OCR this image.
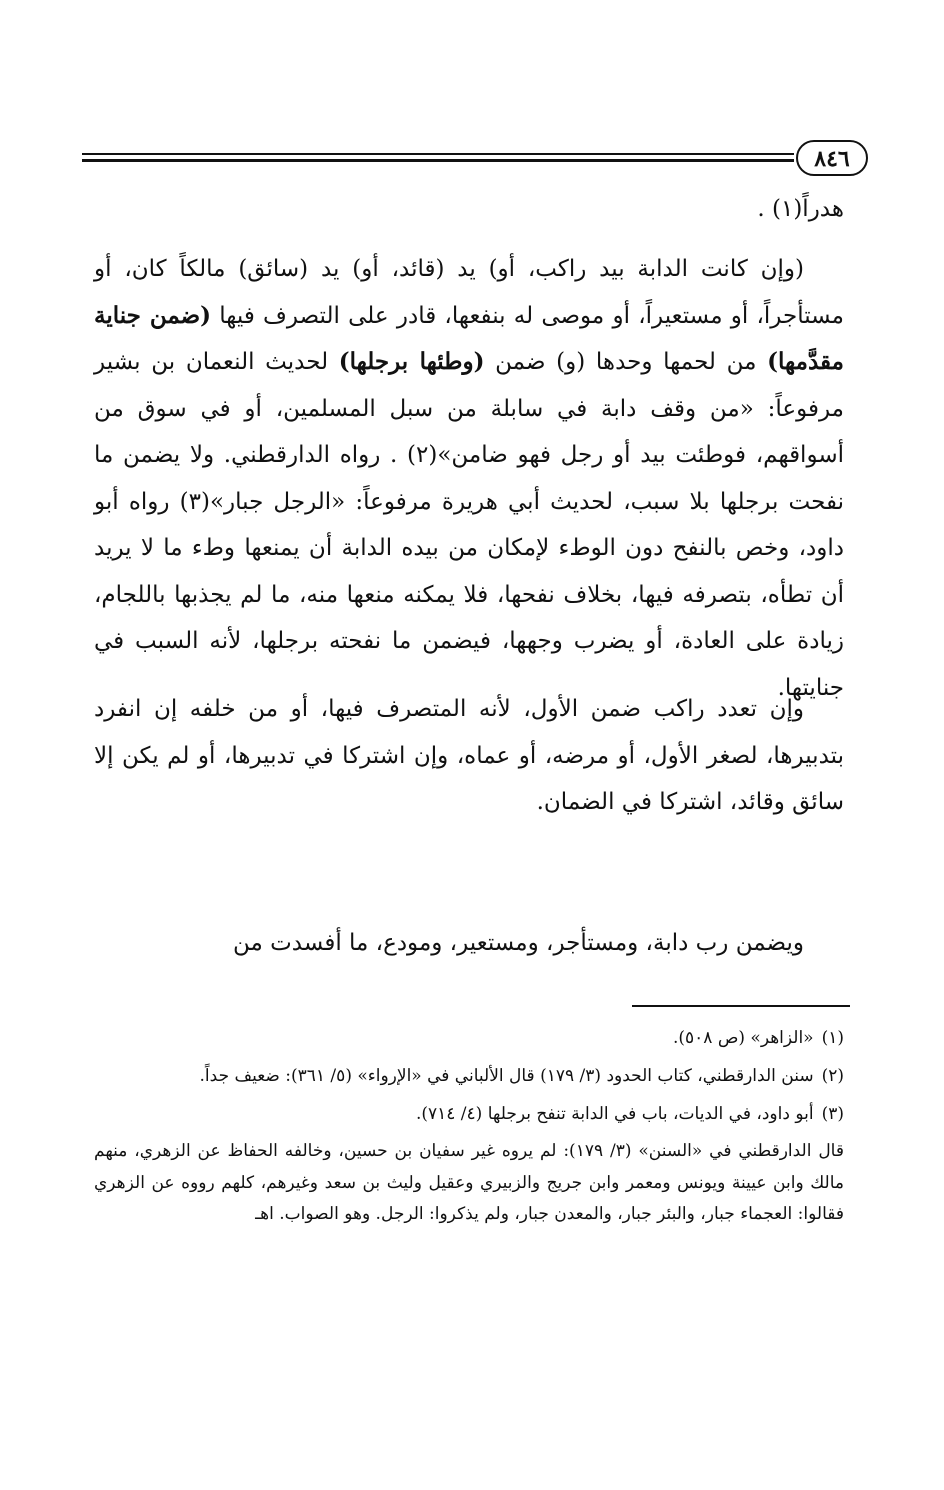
٨٤٦

هدراً(١) .

(وإن كانت الدابة بيد راكب، أو) يد (قائد، أو) يد (سائق) مالكاً كان، أو مستأجراً، أو مستعيراً، أو موصى له بنفعها، قادر على التصرف فيها (ضمن جناية مقدَّمها) من لحمها وحدها (و) ضمن (وطئها برجلها) لحديث النعمان بن بشير مرفوعاً: «من وقف دابة في سابلة من سبل المسلمين، أو في سوق من أسواقهم، فوطئت بيد أو رجل فهو ضامن»(٢) . رواه الدارقطني. ولا يضمن ما نفحت برجلها بلا سبب، لحديث أبي هريرة مرفوعاً: «الرجل جبار»(٣) رواه أبو داود، وخص بالنفح دون الوطء لإمكان من بيده الدابة أن يمنعها وطء ما لا يريد أن تطأه، بتصرفه فيها، بخلاف نفحها، فلا يمكنه منعها منه، ما لم يجذبها باللجام، زيادة على العادة، أو يضرب وجهها، فيضمن ما نفحته برجلها، لأنه السبب في جنايتها.

وإن تعدد راكب ضمن الأول، لأنه المتصرف فيها، أو من خلفه إن انفرد بتدبيرها، لصغر الأول، أو مرضه، أو عماه، وإن اشتركا في تدبيرها، أو لم يكن إلا سائق وقائد، اشتركا في الضمان.

ويضمن رب دابة، ومستأجر، ومستعير، ومودع، ما أفسدت من

(١)«الزاهر» (ص ٥٠٨).

(٢)سنن الدارقطني، كتاب الحدود (٣/ ١٧٩) قال الألباني في «الإرواء» (٥/ ٣٦١): ضعيف جداً.

(٣)أبو داود، في الديات، باب في الدابة تنفح برجلها (٤/ ٧١٤).

قال الدارقطني في «السنن» (٣/ ١٧٩): لم يروه غير سفيان بن حسين، وخالفه الحفاظ عن الزهري، منهم مالك وابن عيينة ويونس ومعمر وابن جريج والزبيري وعقيل وليث بن سعد وغيرهم، كلهم رووه عن الزهري فقالوا: العجماء جبار، والبئر جبار، والمعدن جبار، ولم يذكروا: الرجل. وهو الصواب. اهـ
